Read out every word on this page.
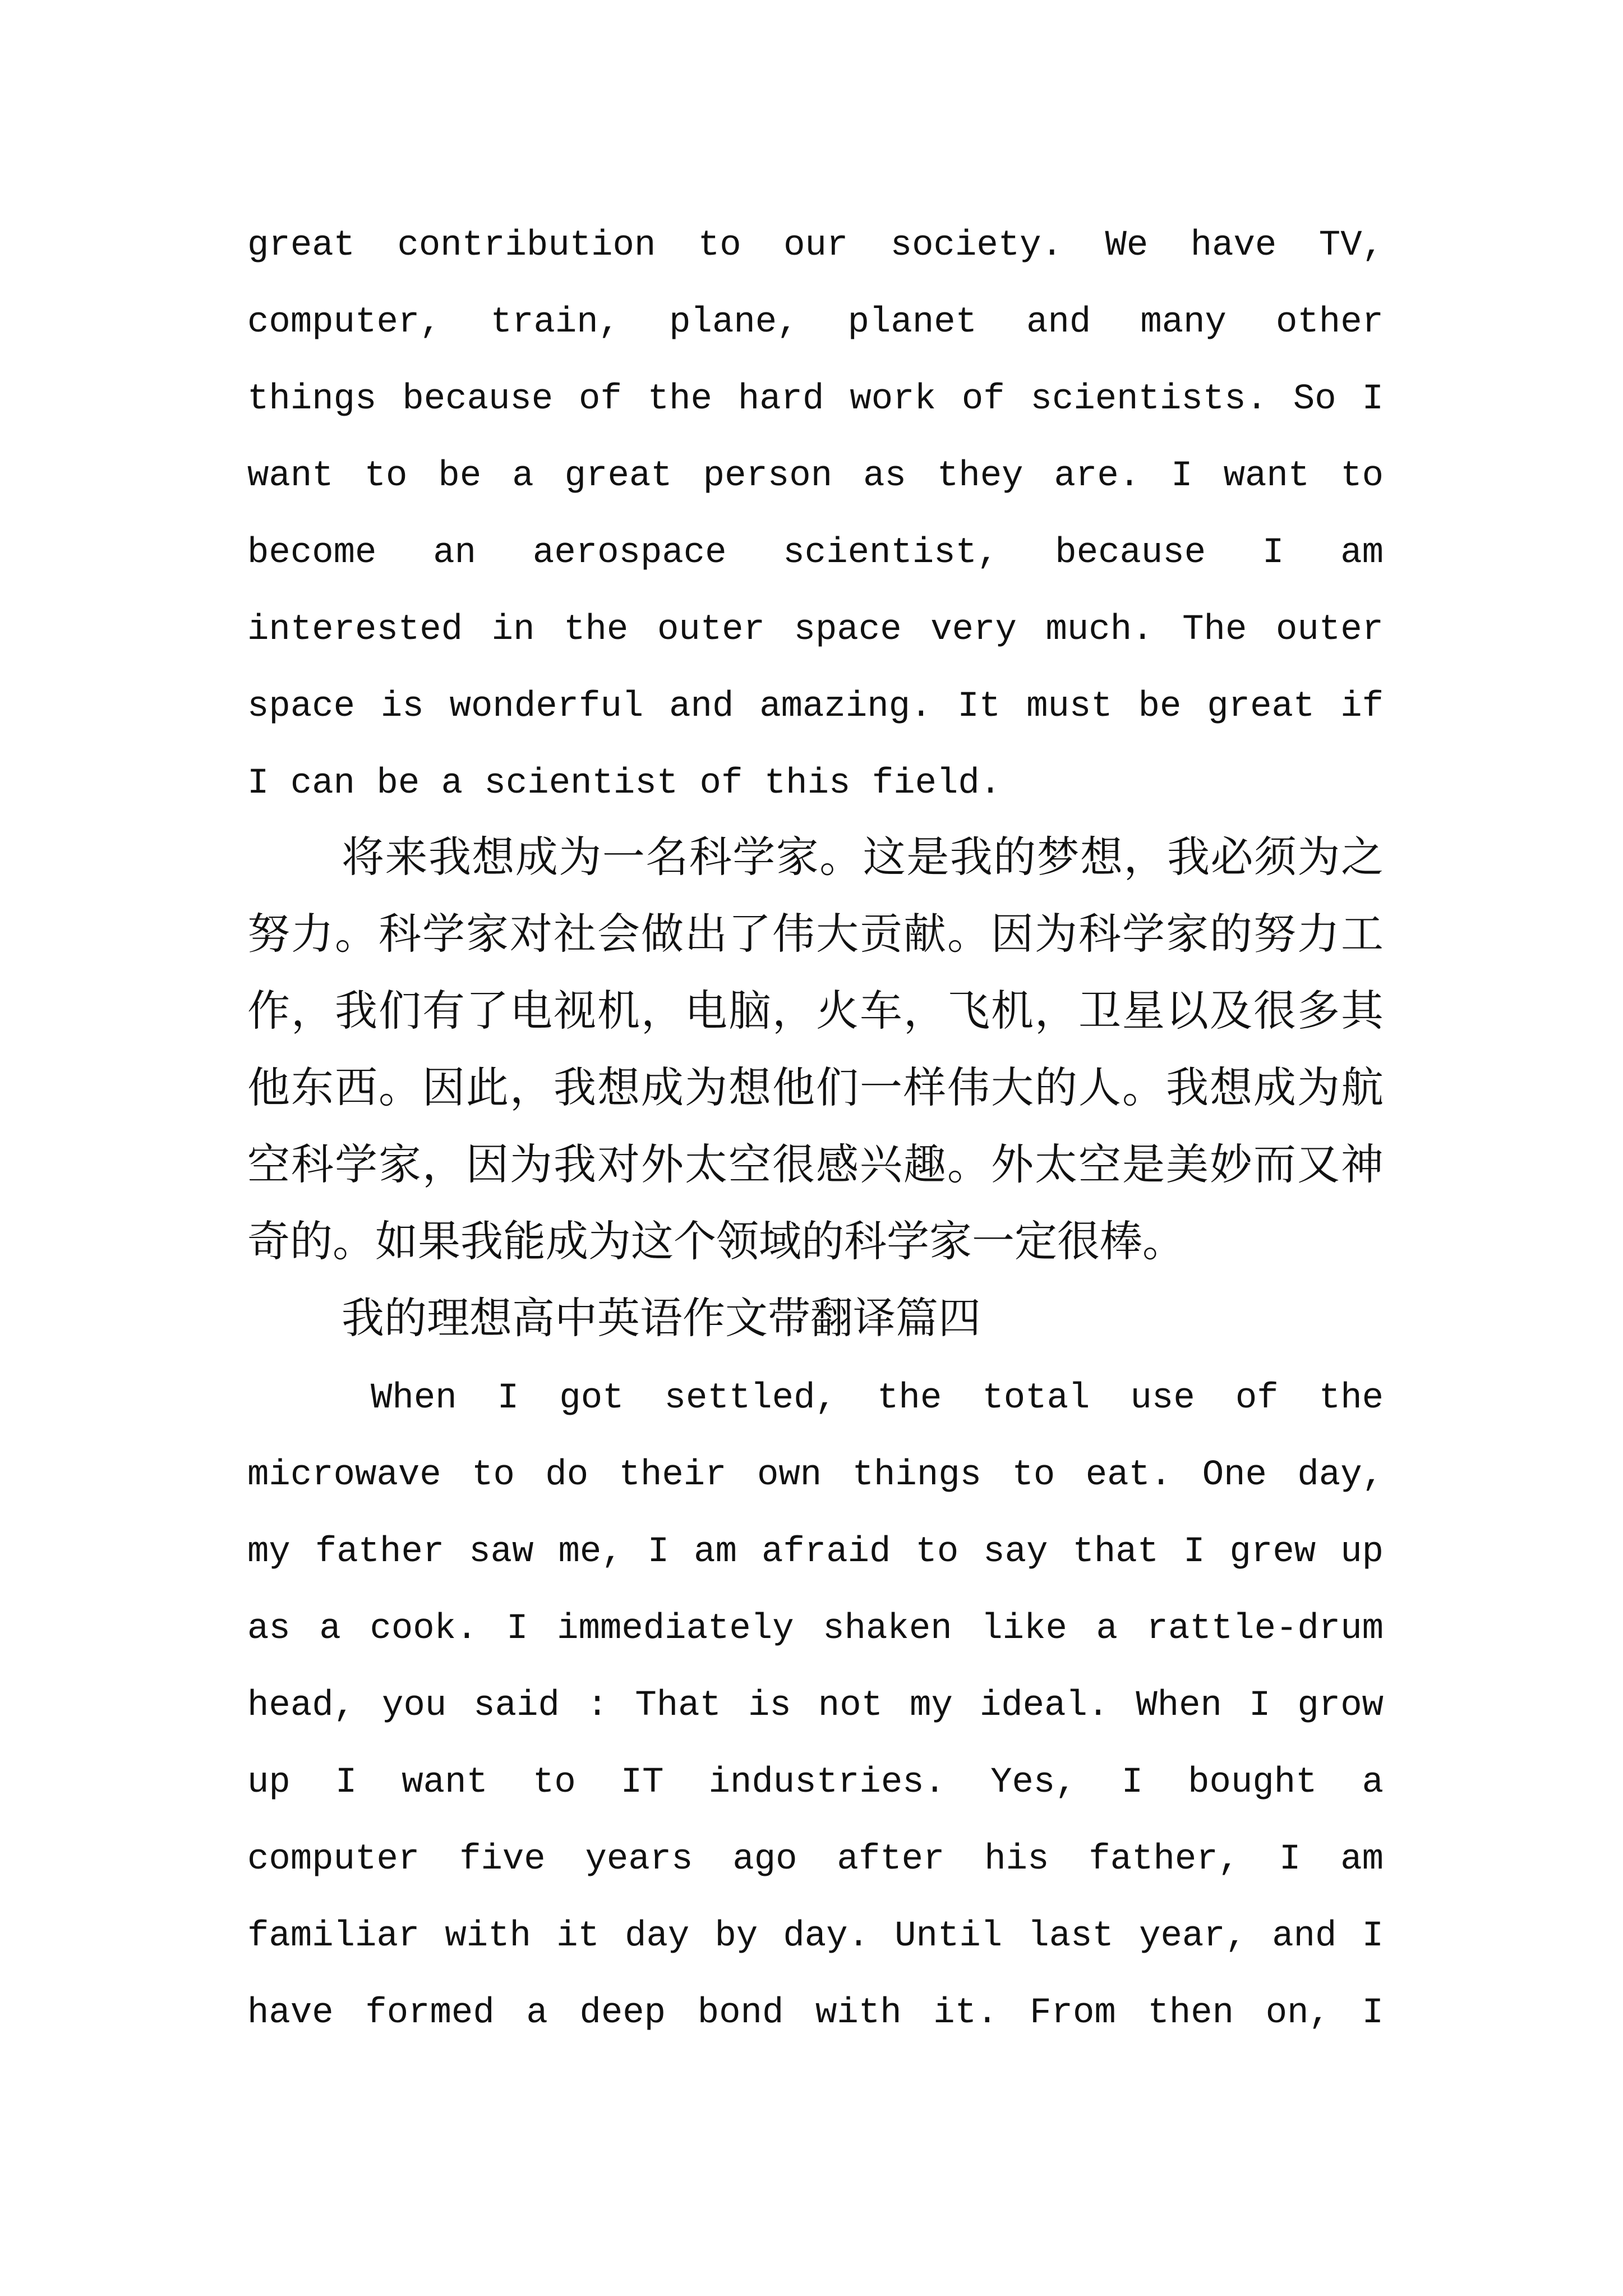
great contribution to our society. We have TV,
computer, train, plane, planet and many other
things because of the hard work of scientists. So I
want to be a great person as they are. I want to
become an aerospace scientist, because I am
interested in the outer space very much. The outer
space is wonderful and amazing. It must be great if
I can be a scientist of this field.
将来我想成为一名科学家。这是我的梦想，我必须为之
努力。科学家对社会做出了伟大贡献。因为科学家的努力工
作，我们有了电视机，电脑，火车，飞机，卫星以及很多其
他东西。因此，我想成为想他们一样伟大的人。我想成为航
空科学家，因为我对外太空很感兴趣。外太空是美妙而又神
奇的。如果我能成为这个领域的科学家一定很棒。
我的理想高中英语作文带翻译篇四
When I got settled, the total use of the
microwave to do their own things to eat. One day,
my father saw me, I am afraid to say that I grew up
as a cook. I immediately shaken like a rattle-drum
head, you said : That is not my ideal. When I grow
up I want to IT industries. Yes, I bought a
computer five years ago after his father, I am
familiar with it day by day. Until last year, and I
have formed a deep bond with it. From then on, I
